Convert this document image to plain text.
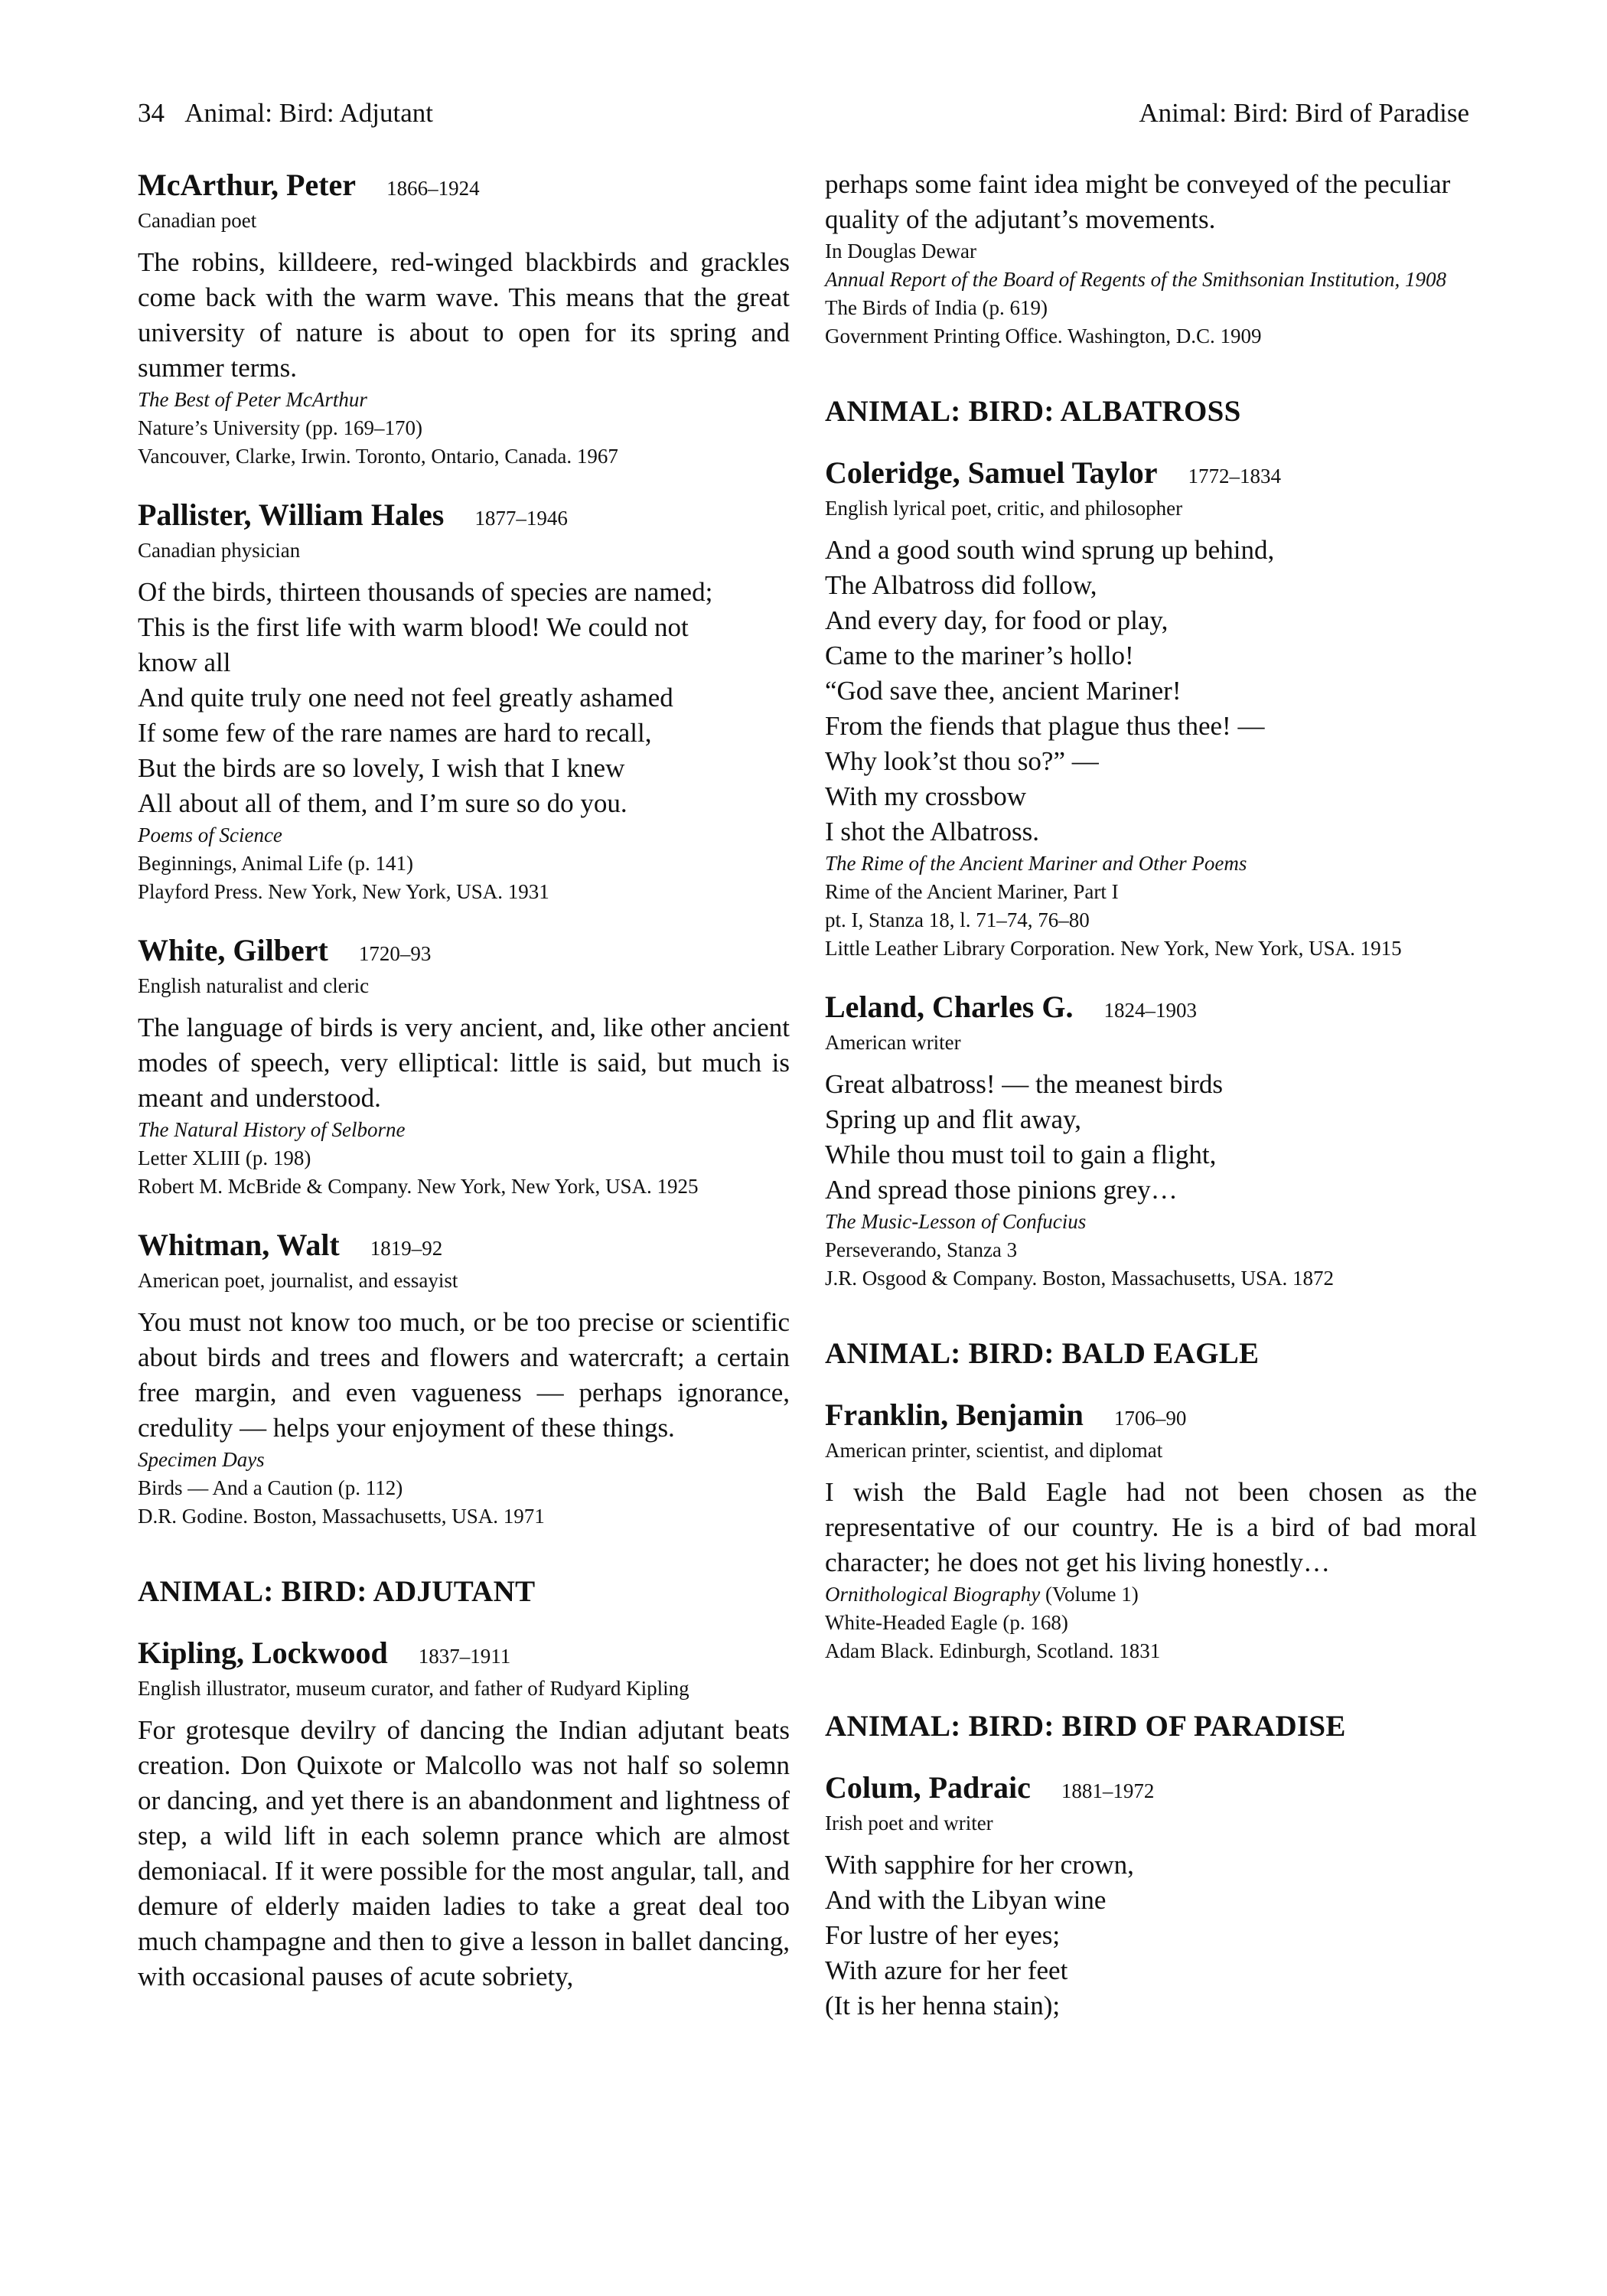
34 Animal: Bird: Adjutant	Animal: Bird: Bird of Paradise
McArthur, Peter 1866–1924
Canadian poet
The robins, killdeere, red-winged blackbirds and grackles come back with the warm wave. This means that the great university of nature is about to open for its spring and summer terms.
The Best of Peter McArthur
Nature’s University (pp. 169–170)
Vancouver, Clarke, Irwin. Toronto, Ontario, Canada. 1967
Pallister, William Hales 1877–1946
Canadian physician
Of the birds, thirteen thousands of species are named;
This is the first life with warm blood! We could not
know all
And quite truly one need not feel greatly ashamed
If some few of the rare names are hard to recall,
But the birds are so lovely, I wish that I knew
All about all of them, and I’m sure so do you.
Poems of Science
Beginnings, Animal Life (p. 141)
Playford Press. New York, New York, USA. 1931
White, Gilbert 1720–93
English naturalist and cleric
The language of birds is very ancient, and, like other ancient modes of speech, very elliptical: little is said, but much is meant and understood.
The Natural History of Selborne
Letter XLIII (p. 198)
Robert M. McBride & Company. New York, New York, USA. 1925
Whitman, Walt 1819–92
American poet, journalist, and essayist
You must not know too much, or be too precise or scientific about birds and trees and flowers and watercraft; a certain free margin, and even vagueness — perhaps ignorance, credulity — helps your enjoyment of these things.
Specimen Days
Birds — And a Caution (p. 112)
D.R. Godine. Boston, Massachusetts, USA. 1971
ANIMAL: BIRD: ADJUTANT
Kipling, Lockwood 1837–1911
English illustrator, museum curator, and father of Rudyard Kipling
For grotesque devilry of dancing the Indian adjutant beats creation. Don Quixote or Malcollo was not half so solemn or dancing, and yet there is an abandonment and lightness of step, a wild lift in each solemn prance which are almost demoniacal. If it were possible for the most angular, tall, and demure of elderly maiden ladies to take a great deal too much champagne and then to give a lesson in ballet dancing, with occasional pauses of acute sobriety,
perhaps some faint idea might be conveyed of the peculiar quality of the adjutant’s movements.
In Douglas Dewar
Annual Report of the Board of Regents of the Smithsonian Institution, 1908
The Birds of India (p. 619)
Government Printing Office. Washington, D.C. 1909
ANIMAL: BIRD: ALBATROSS
Coleridge, Samuel Taylor 1772–1834
English lyrical poet, critic, and philosopher
And a good south wind sprung up behind,
The Albatross did follow,
And every day, for food or play,
Came to the mariner’s hollo!
“God save thee, ancient Mariner!
From the fiends that plague thus thee! —
Why look’st thou so?” —
With my crossbow
I shot the Albatross.
The Rime of the Ancient Mariner and Other Poems
Rime of the Ancient Mariner, Part I
pt. I, Stanza 18, l. 71–74, 76–80
Little Leather Library Corporation. New York, New York, USA. 1915
Leland, Charles G. 1824–1903
American writer
Great albatross! — the meanest birds
Spring up and flit away,
While thou must toil to gain a flight,
And spread those pinions grey…
The Music-Lesson of Confucius
Perseverando, Stanza 3
J.R. Osgood & Company. Boston, Massachusetts, USA. 1872
ANIMAL: BIRD: BALD EAGLE
Franklin, Benjamin 1706–90
American printer, scientist, and diplomat
I wish the Bald Eagle had not been chosen as the representative of our country. He is a bird of bad moral character; he does not get his living honestly…
Ornithological Biography (Volume 1)
White-Headed Eagle (p. 168)
Adam Black. Edinburgh, Scotland. 1831
ANIMAL: BIRD: BIRD OF PARADISE
Colum, Padraic 1881–1972
Irish poet and writer
With sapphire for her crown,
And with the Libyan wine
For lustre of her eyes;
With azure for her feet
(It is her henna stain);
